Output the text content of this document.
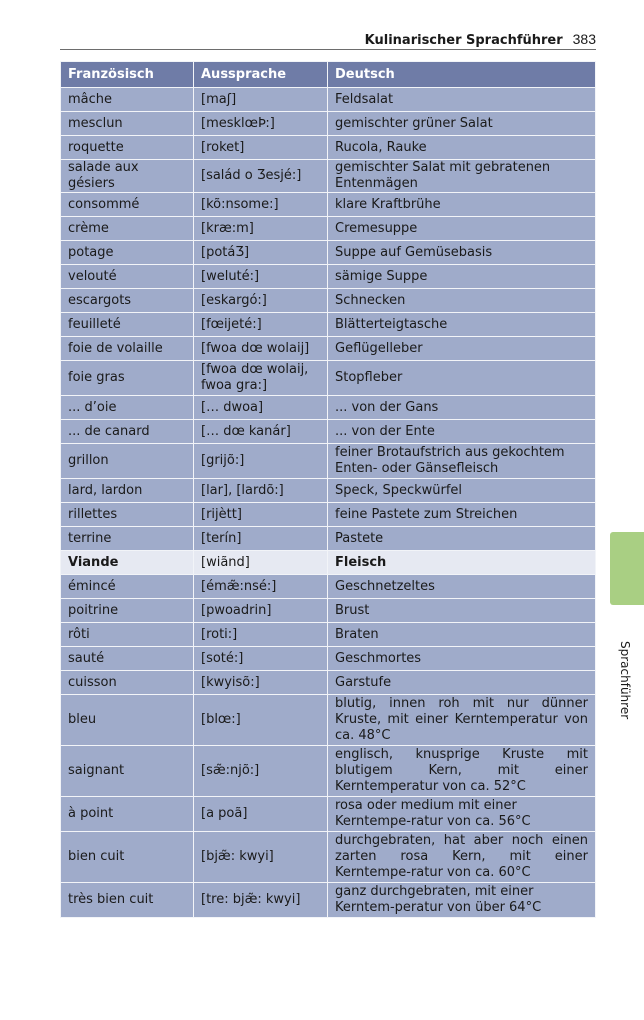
Kulinarischer Sprachführer 383
Französisch	Aussprache	Deutsch
mâche	[maʃ]	Feldsalat
mesclun	[mesklœÞ:]	gemischter grüner Salat
roquette	[roket]	Rucola, Rauke
salade aux gésiers	[salád o Ʒesjé:]	gemischter Salat mit gebratenen Entenmägen
consommé	[kõ:nsome:]	klare Kraftbrühe
crème	[kræ:m]	Cremesuppe
potage	[potáƷ]	Suppe auf Gemüsebasis
velouté	[weluté:]	sämige Suppe
escargots	[eskargó:]	Schnecken
feuilleté	[fœijeté:]	Blätterteigtasche
foie de volaille	[fwoa dœ wolaij]	Geflügelleber
foie gras	[fwoa dœ wolaij, fwoa gra:]	Stopfleber
... d’oie	[… dwoa]	... von der Gans
... de canard	[… dœ kanár]	... von der Ente
grillon	[grijõ:]	feiner Brotaufstrich aus gekochtem Enten- oder Gänsefleisch
lard, lardon	[lar], [lardõ:]	Speck, Speckwürfel
rillettes	[rijètt]	feine Pastete zum Streichen
terrine	[terín]	Pastete
Viande	[wiãnd]	Fleisch
émincé	[émæ̃:nsé:]	Geschnetzeltes
poitrine	[pwoadrin]	Brust
rôti	[roti:]	Braten
sauté	[soté:]	Geschmortes
cuisson	[kwyisõ:]	Garstufe
bleu	[blœ:]	blutig, innen roh mit nur dünner Kruste, mit einer Kerntemperatur von ca. 48°C
saignant	[sæ̃:njõ:]	englisch, knusprige Kruste mit blutigem Kern, mit einer Kerntemperatur von ca. 52°C
à point	[a poã]	rosa oder medium mit einer Kerntempe-ratur von ca. 56°C
bien cuit	[bjæ̃: kwyi]	durchgebraten, hat aber noch einen zarten rosa Kern, mit einer Kerntempe-ratur von ca. 60°C
très bien cuit	[tre: bjæ̃: kwyi]	ganz durchgebraten, mit einer Kerntem-peratur von über 64°C
Sprachführer
